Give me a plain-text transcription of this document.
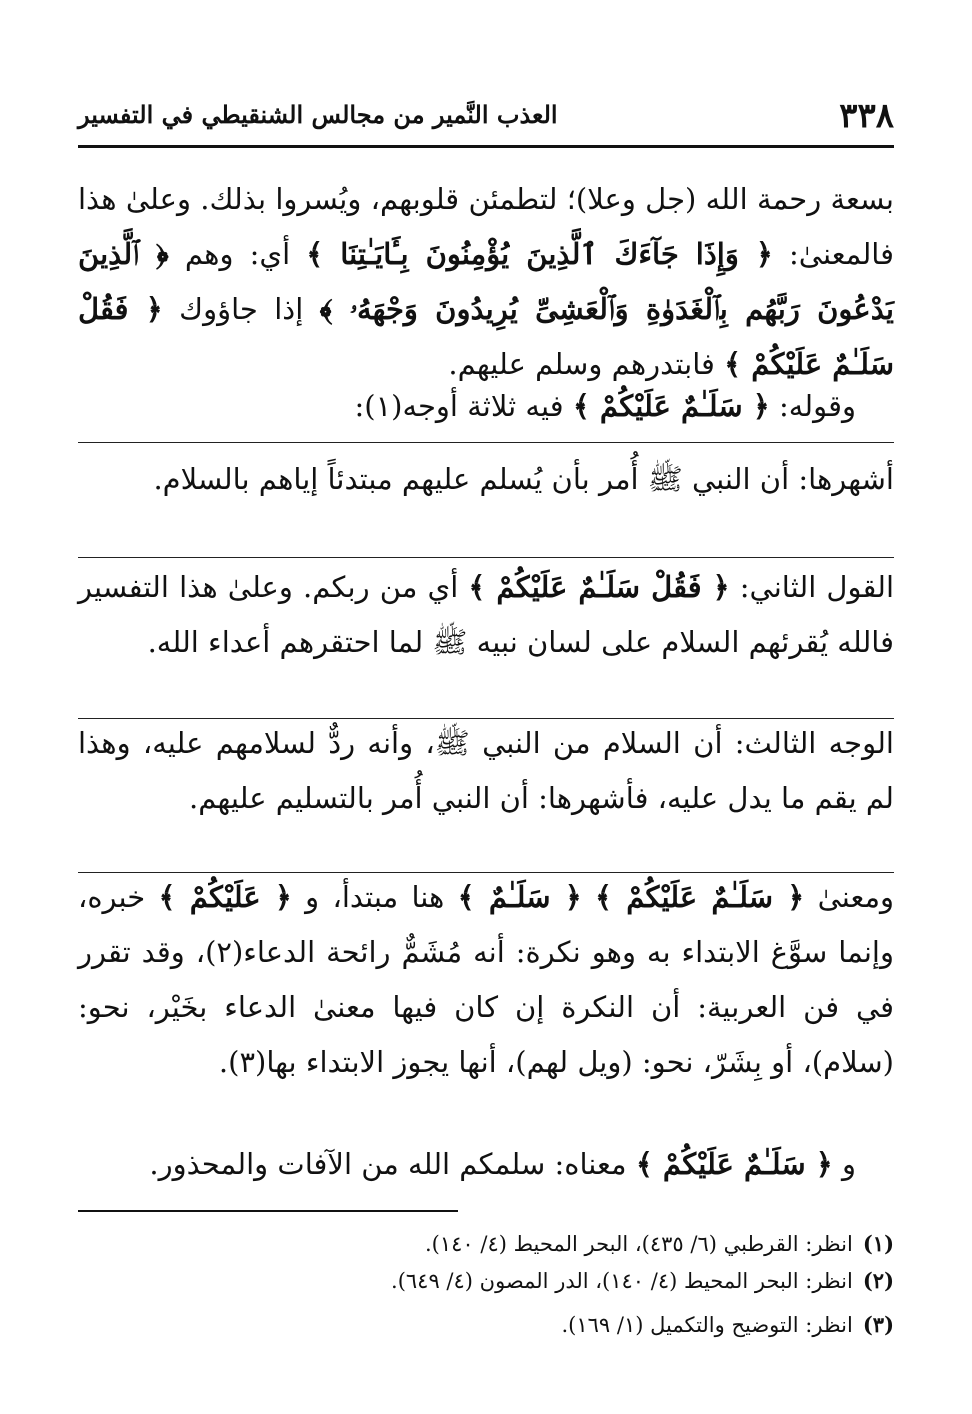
٣٣٨
العذب النَّمير من مجالس الشنقيطي في التفسير
بسعة رحمة الله (جل وعلا)؛ لتطمئن قلوبهم، ويُسروا بذلك. وعلىٰ هذا فالمعنىٰ: ﴿ وَإِذَا جَآءَكَ ٱلَّذِينَ يُؤْمِنُونَ بِـَٔايَـٰتِنَا ﴾ أي: وهم ﴿ ٱلَّذِينَ يَدْعُونَ رَبَّهُم بِٱلْغَدَوٰةِ وَٱلْعَشِىِّ يُرِيدُونَ وَجْهَهُۥ ﴾ إذا جاؤوك ﴿ فَقُلْ سَلَـٰمٌ عَلَيْكُمْ ﴾ فابتدرهم وسلم عليهم.
وقوله: ﴿ سَلَـٰمٌ عَلَيْكُمْ ﴾ فيه ثلاثة أوجه(١):
أشهرها: أن النبي ﷺ أُمر بأن يُسلم عليهم مبتدئاً إياهم بالسلام.
القول الثاني: ﴿ فَقُلْ سَلَـٰمٌ عَلَيْكُمْ ﴾ أي من ربكم. وعلىٰ هذا التفسير فالله يُقرئهم السلام على لسان نبيه ﷺ لما احتقرهم أعداء الله.
الوجه الثالث: أن السلام من النبي ﷺ، وأنه ردٌّ لسلامهم عليه، وهذا لم يقم ما يدل عليه، فأشهرها: أن النبي أُمر بالتسليم عليهم.
ومعنىٰ ﴿ سَلَـٰمٌ عَلَيْكُمْ ﴾ ﴿ سَلَـٰمٌ ﴾ هنا مبتدأ، و ﴿ عَلَيْكُمْ ﴾ خبره، وإنما سوَّغ الابتداء به وهو نكرة: أنه مُشَمٌّ رائحة الدعاء(٢)، وقد تقرر في فن العربية: أن النكرة إن كان فيها معنىٰ الدعاء بخَيْر، نحو: (سلام)، أو بِشَرّ، نحو: (ويل لهم)، أنها يجوز الابتداء بها(٣).
و ﴿ سَلَـٰمٌ عَلَيْكُمْ ﴾ معناه: سلمكم الله من الآفات والمحذور.
(١)انظر: القرطبي (٦/ ٤٣٥)، البحر المحيط (٤/ ١٤٠).
(٢)انظر: البحر المحيط (٤/ ١٤٠)، الدر المصون (٤/ ٦٤٩).
(٣)انظر: التوضيح والتكميل (١/ ١٦٩).
